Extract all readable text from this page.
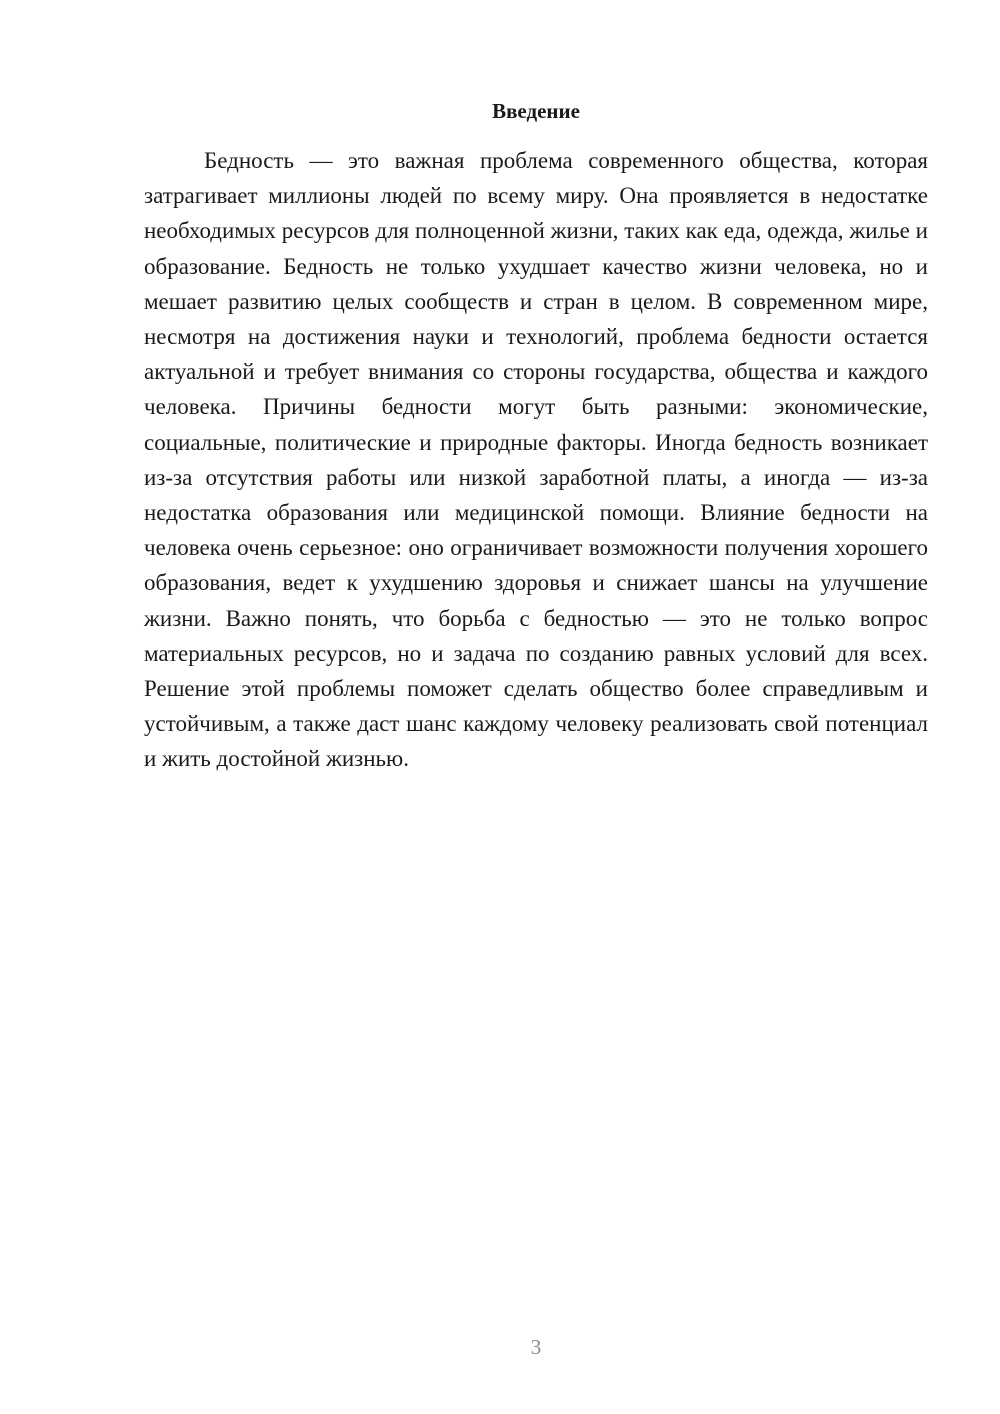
Введение

Бедность — это важная проблема современного общества, которая затрагивает миллионы людей по всему миру. Она проявляется в недостатке необходимых ресурсов для полноценной жизни, таких как еда, одежда, жилье и образование. Бедность не только ухудшает качество жизни человека, но и мешает развитию целых сообществ и стран в целом. В современном мире, несмотря на достижения науки и технологий, проблема бедности остается актуальной и требует внимания со стороны государства, общества и каждого человека. Причины бедности могут быть разными: экономические, социальные, политические и природные факторы. Иногда бедность возникает из-за отсутствия работы или низкой заработной платы, а иногда — из-за недостатка образования или медицинской помощи. Влияние бедности на человека очень серьезное: оно ограничивает возможности получения хорошего образования, ведет к ухудшению здоровья и снижает шансы на улучшение жизни. Важно понять, что борьба с бедностью — это не только вопрос материальных ресурсов, но и задача по созданию равных условий для всех. Решение этой проблемы поможет сделать общество более справедливым и устойчивым, а также даст шанс каждому человеку реализовать свой потенциал и жить достойной жизнью.

3
